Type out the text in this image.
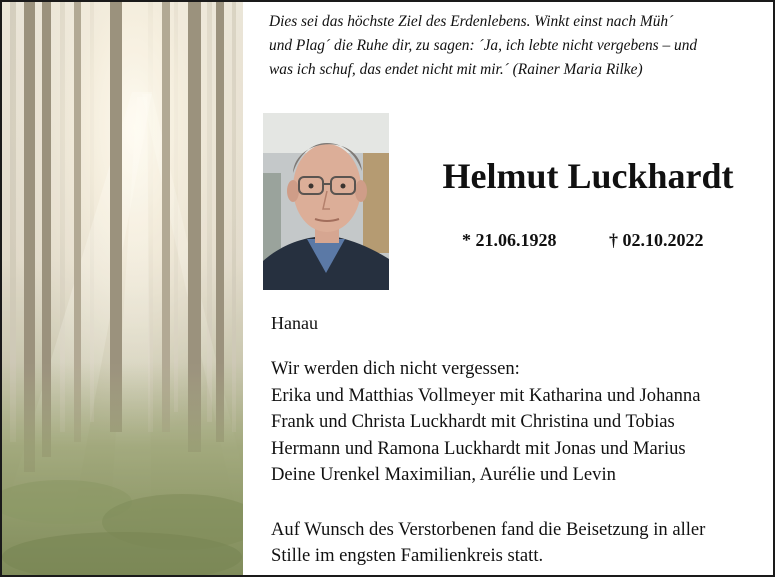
Dies sei das höchste Ziel des Erdenlebens. Winkt einst nach Müh´
und Plag´ die Ruhe dir, zu sagen: ´Ja, ich lebte nicht vergebens – und
was ich schuf, das endet nicht mit mir.´ (Rainer Maria Rilke)
Helmut Luckhardt
* 21.06.1928	† 02.10.2022
Hanau
Wir werden dich nicht vergessen:
Erika und Matthias Vollmeyer mit Katharina und Johanna
Frank und Christa Luckhardt mit Christina und Tobias
Hermann und Ramona Luckhardt mit Jonas und Marius
Deine Urenkel Maximilian, Aurélie und Levin
Auf Wunsch des Verstorbenen fand die Beisetzung in aller
Stille im engsten Familienkreis statt.
